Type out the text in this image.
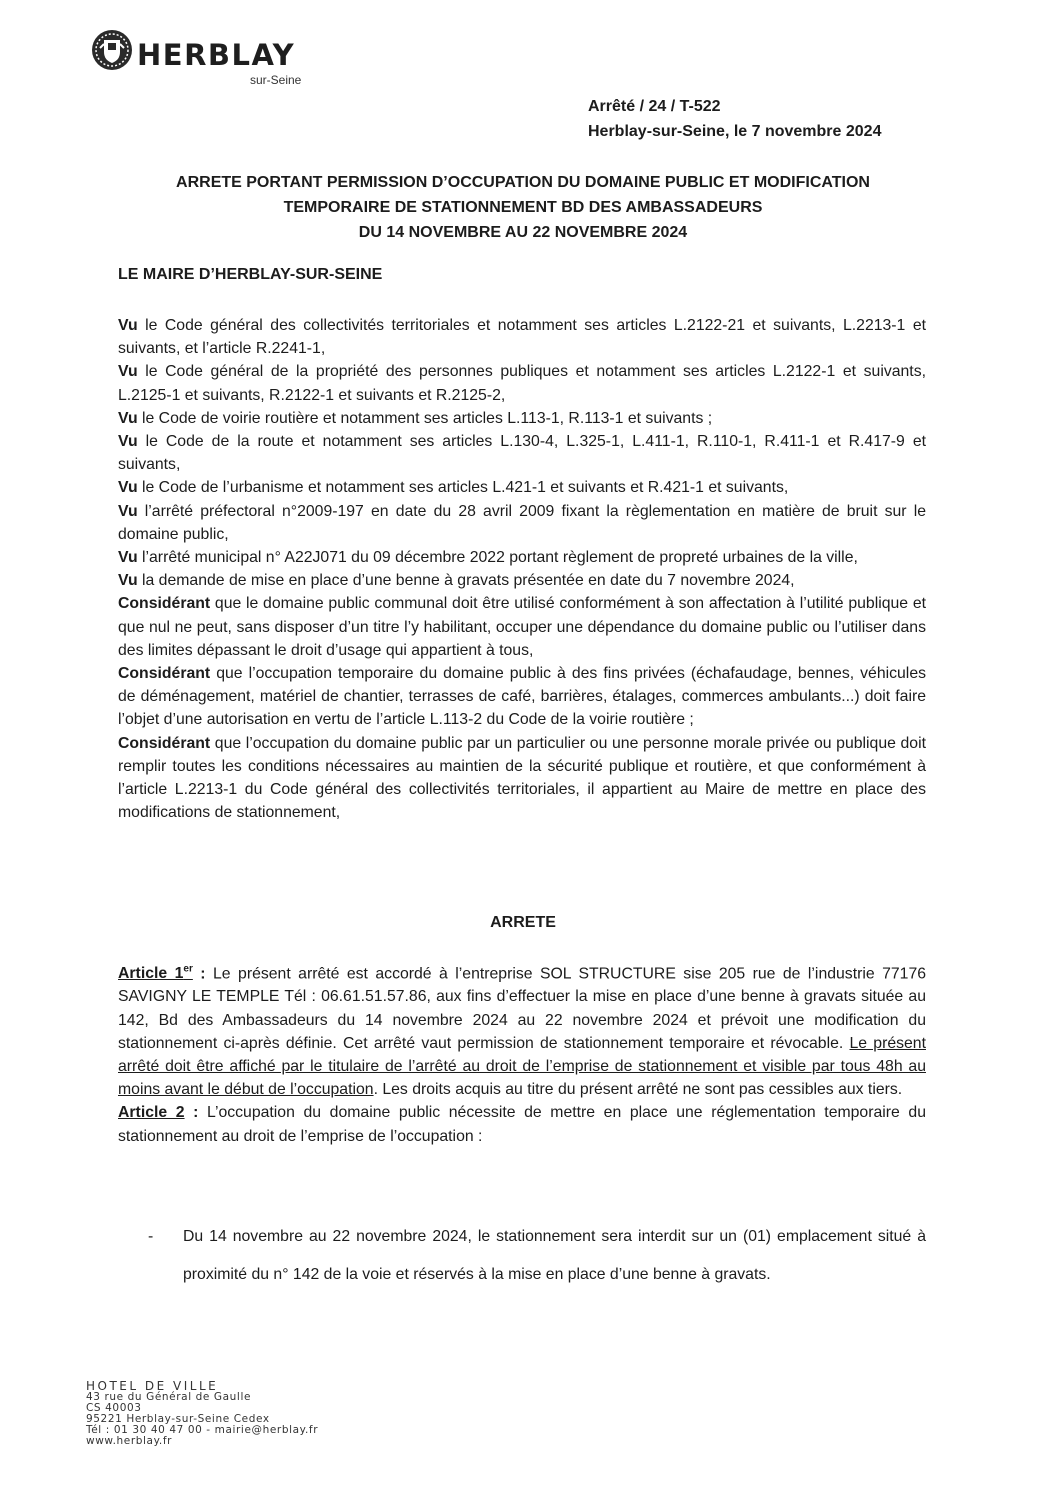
HERBLAY
sur-Seine
Arrêté / 24 / T-522
Herblay-sur-Seine, le 7 novembre 2024
ARRETE PORTANT PERMISSION D’OCCUPATION DU DOMAINE PUBLIC ET MODIFICATION
TEMPORAIRE DE STATIONNEMENT BD DES AMBASSADEURS
DU 14 NOVEMBRE AU 22 NOVEMBRE 2024
LE MAIRE D’HERBLAY-SUR-SEINE

Vu le Code général des collectivités territoriales et notamment ses articles L.2122-21 et suivants, L.2213-1 et suivants, et l’article R.2241-1,

Vu le Code général de la propriété des personnes publiques et notamment ses articles L.2122-1 et suivants, L.2125-1 et suivants, R.2122-1 et suivants et R.2125-2,

Vu le Code de voirie routière et notamment ses articles L.113-1, R.113-1 et suivants ;

Vu le Code de la route et notamment ses articles L.130-4, L.325-1, L.411-1, R.110-1, R.411-1 et R.417-9 et suivants,

Vu le Code de l’urbanisme et notamment ses articles L.421-1 et suivants et R.421-1 et suivants,

Vu l’arrêté préfectoral n°2009-197 en date du 28 avril 2009 fixant la règlementation en matière de bruit sur le domaine public,

Vu l’arrêté municipal n° A22J071 du 09 décembre 2022 portant règlement de propreté urbaines de la ville,

Vu la demande de mise en place d’une benne à gravats présentée en date du 7 novembre 2024,

Considérant que le domaine public communal doit être utilisé conformément à son affectation à l’utilité publique et que nul ne peut, sans disposer d’un titre l’y habilitant, occuper une dépendance du domaine public ou l’utiliser dans des limites dépassant le droit d’usage qui appartient à tous,

Considérant que l’occupation temporaire du domaine public à des fins privées (échafaudage, bennes, véhicules de déménagement, matériel de chantier, terrasses de café, barrières, étalages, commerces ambulants...) doit faire l’objet d’une autorisation en vertu de l’article L.113-2 du Code de la voirie routière ;

Considérant que l’occupation du domaine public par un particulier ou une personne morale privée ou publique doit remplir toutes les conditions nécessaires au maintien de la sécurité publique et routière, et que conformément à l’article L.2213-1 du Code général des collectivités territoriales, il appartient au Maire de mettre en place des modifications de stationnement,

ARRETE

Article 1er : Le présent arrêté est accordé à l’entreprise SOL STRUCTURE sise 205 rue de l’industrie 77176 SAVIGNY LE TEMPLE Tél : 06.61.51.57.86, aux fins d’effectuer la mise en place d’une benne à gravats située au 142, Bd des Ambassadeurs du 14 novembre 2024 au 22 novembre 2024 et prévoit une modification du stationnement ci-après définie. Cet arrêté vaut permission de stationnement temporaire et révocable. Le présent arrêté doit être affiché par le titulaire de l’arrêté au droit de l’emprise de stationnement et visible par tous 48h au moins avant le début de l’occupation. Les droits acquis au titre du présent arrêté ne sont pas cessibles aux tiers.

Article 2 : L’occupation du domaine public nécessite de mettre en place une réglementation temporaire du stationnement au droit de l’emprise de l’occupation :

- Du 14 novembre au 22 novembre 2024, le stationnement sera interdit sur un (01) emplacement situé à proximité du n° 142 de la voie et réservés à la mise en place d’une benne à gravats.
HOTEL DE VILLE
43 rue du Général de Gaulle
CS 40003
95221 Herblay-sur-Seine Cedex
Tél : 01 30 40 47 00 - mairie@herblay.fr
www.herblay.fr
